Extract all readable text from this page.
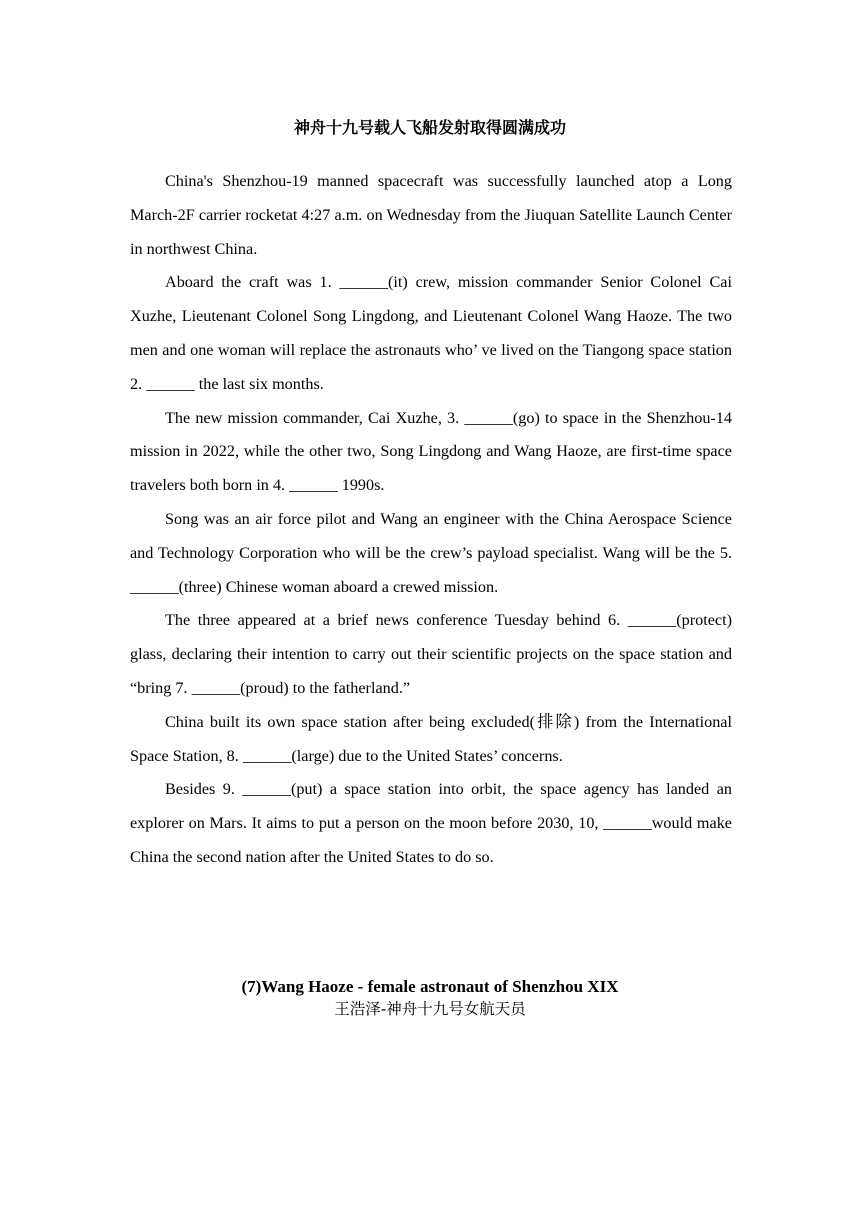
神舟十九号载人飞船发射取得圆满成功

China's Shenzhou-19 manned spacecraft was successfully launched atop a Long March-2F carrier rocketat 4:27 a.m. on Wednesday from the Jiuquan Satellite Launch Center in northwest China.

Aboard the craft was 1. ______(it) crew, mission commander Senior Colonel Cai Xuzhe, Lieutenant Colonel Song Lingdong, and Lieutenant Colonel Wang Haoze. The two men and one woman will replace the astronauts who’ ve lived on the Tiangong space station 2. ______ the last six months.

The new mission commander, Cai Xuzhe, 3. ______(go) to space in the Shenzhou-14 mission in 2022, while the other two, Song Lingdong and Wang Haoze, are first-time space travelers both born in 4. ______ 1990s.

Song was an air force pilot and Wang an engineer with the China Aerospace Science and Technology Corporation who will be the crew’s payload specialist. Wang will be the 5. ______(three) Chinese woman aboard a crewed mission.

The three appeared at a brief news conference Tuesday behind 6. ______(protect) glass, declaring their intention to carry out their scientific projects on the space station and “bring 7. ______(proud) to the fatherland.”

China built its own space station after being excluded(排除) from the International Space Station, 8. ______(large) due to the United States’ concerns.

Besides 9. ______(put) a space station into orbit, the space agency has landed an explorer on Mars. It aims to put a person on the moon before 2030, 10, ______would make China the second nation after the United States to do so.

(7)Wang Haoze - female astronaut of Shenzhou XIX

王浩泽-神舟十九号女航天员
